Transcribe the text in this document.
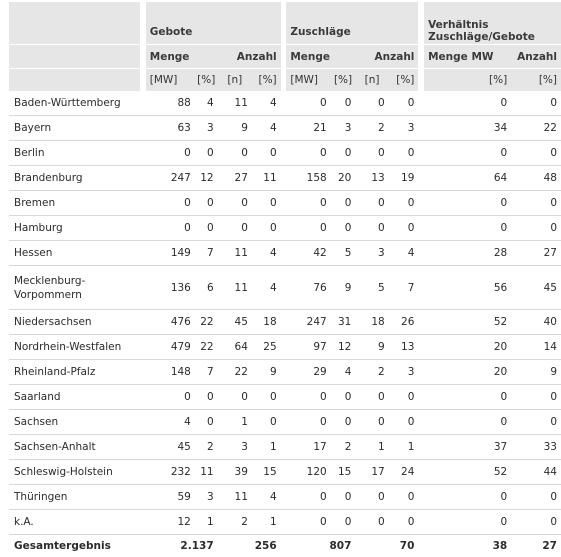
		Gebote					Zuschläge					Verhältnis Zuschläge/Gebote	
		Menge		Anzahl			Menge		Anzahl			Menge MW	Anzahl
		[MW]	[%]	[n]	[%]		[MW]	[%]	[n]	[%]		[%]	[%]
Baden-Württemberg		88	4	11	4		0	0	0	0		0	0
Bayern		63	3	9	4		21	3	2	3		34	22
Berlin		0	0	0	0		0	0	0	0		0	0
Brandenburg		247	12	27	11		158	20	13	19		64	48
Bremen		0	0	0	0		0	0	0	0		0	0
Hamburg		0	0	0	0		0	0	0	0		0	0
Hessen		149	7	11	4		42	5	3	4		28	27
Mecklenburg-
Vorpommern		136	6	11	4		76	9	5	7		56	45
Niedersachsen		476	22	45	18		247	31	18	26		52	40
Nordrhein-Westfalen		479	22	64	25		97	12	9	13		20	14
Rheinland-Pfalz		148	7	22	9		29	4	2	3		20	9
Saarland		0	0	0	0		0	0	0	0		0	0
Sachsen		4	0	1	0		0	0	0	0		0	0
Sachsen-Anhalt		45	2	3	1		17	2	1	1		37	33
Schleswig-Holstein		232	11	39	15		120	15	17	24		52	44
Thüringen		59	3	11	4		0	0	0	0		0	0
k.A.		12	1	2	1		0	0	0	0		0	0
Gesamtergebnis		2.137		256			807		70			38	27
